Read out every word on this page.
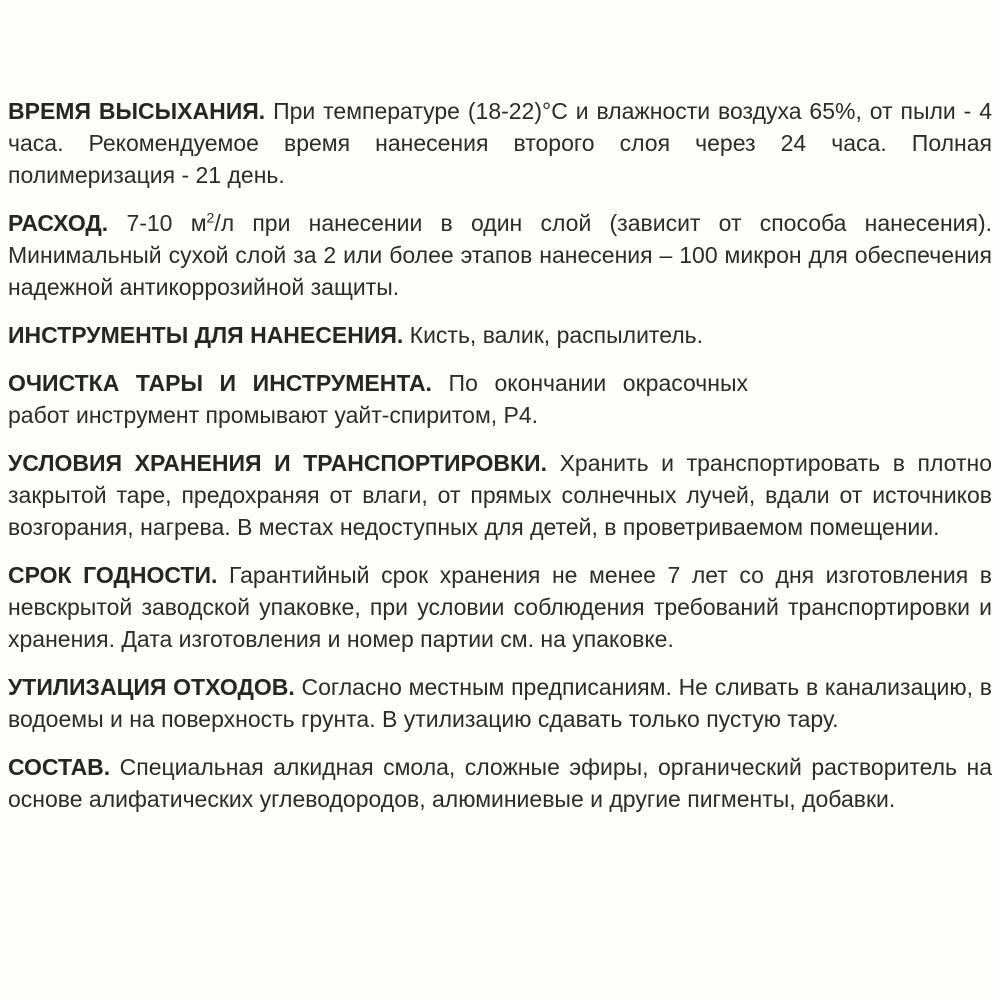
ВРЕМЯ ВЫСЫХАНИЯ. При температуре (18-22)°С и влажности воздуха 65%, от пыли - 4 часа. Рекомендуемое время нанесения второго слоя через 24 часа. Полная полимеризация - 21 день.

РАСХОД. 7-10 $м^2/л$ при нанесении в один слой (зависит от способа нанесения). Минимальный сухой слой за 2 или более этапов нанесения – 100 микрон для обеспечения надежной антикоррозийной защиты.

ИНСТРУМЕНТЫ ДЛЯ НАНЕСЕНИЯ. Кисть, валик, распылитель.

ОЧИСТКА ТАРЫ И ИНСТРУМЕНТА. По окончании окрасочных работ инструмент промывают уайт-спиритом, Р4.

УСЛОВИЯ ХРАНЕНИЯ И ТРАНСПОРТИРОВКИ. Хранить и транспортировать в плотно закрытой таре, предохраняя от влаги, от прямых солнечных лучей, вдали от источников возгорания, нагрева. В местах недоступных для детей, в проветриваемом помещении.

СРОК ГОДНОСТИ. Гарантийный срок хранения не менее 7 лет со дня изготовления в невскрытой заводской упаковке, при условии соблюдения требований транспортировки и хранения. Дата изготовления и номер партии см. на упаковке.

УТИЛИЗАЦИЯ ОТХОДОВ. Согласно местным предписаниям. Не сливать в канализацию, в водоемы и на поверхность грунта. В утилизацию сдавать только пустую тару.

СОСТАВ. Специальная алкидная смола, сложные эфиры, органический растворитель на основе алифатических углеводородов, алюминиевые и другие пигменты, добавки.
